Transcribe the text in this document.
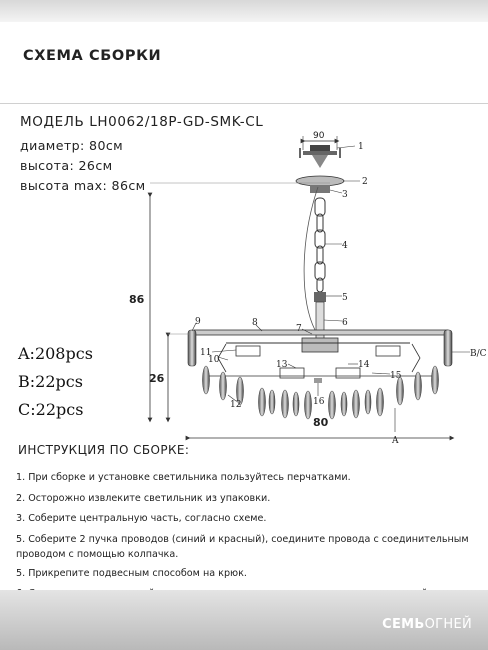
СХЕМА СБОРКИ
МОДЕЛЬ LH0062/18P-GD-SMK-CL
диаметр: 80см
высота: 26см
высота max: 86см
A:208pcs
B:22pcs
C:22pcs
90
86
26
80
1
2
3
4
5
6
7
8
9
10
11
12
13	14
15
16
A
B/C
ИНСТРУКЦИЯ ПО СБОРКЕ:
1. При сборке и установке светильника пользуйтесь перчатками.
2. Осторожно извлеките светильник из упаковки.
3. Соберите центральную часть, согласно схеме.
5. Соберите 2 пучка проводов (синий и красный), соедините провода с соединительным проводом с помощью колпачка.
5. Прикрепите подвесным способом на крюк.
СЕМЬОГНЕЙ
